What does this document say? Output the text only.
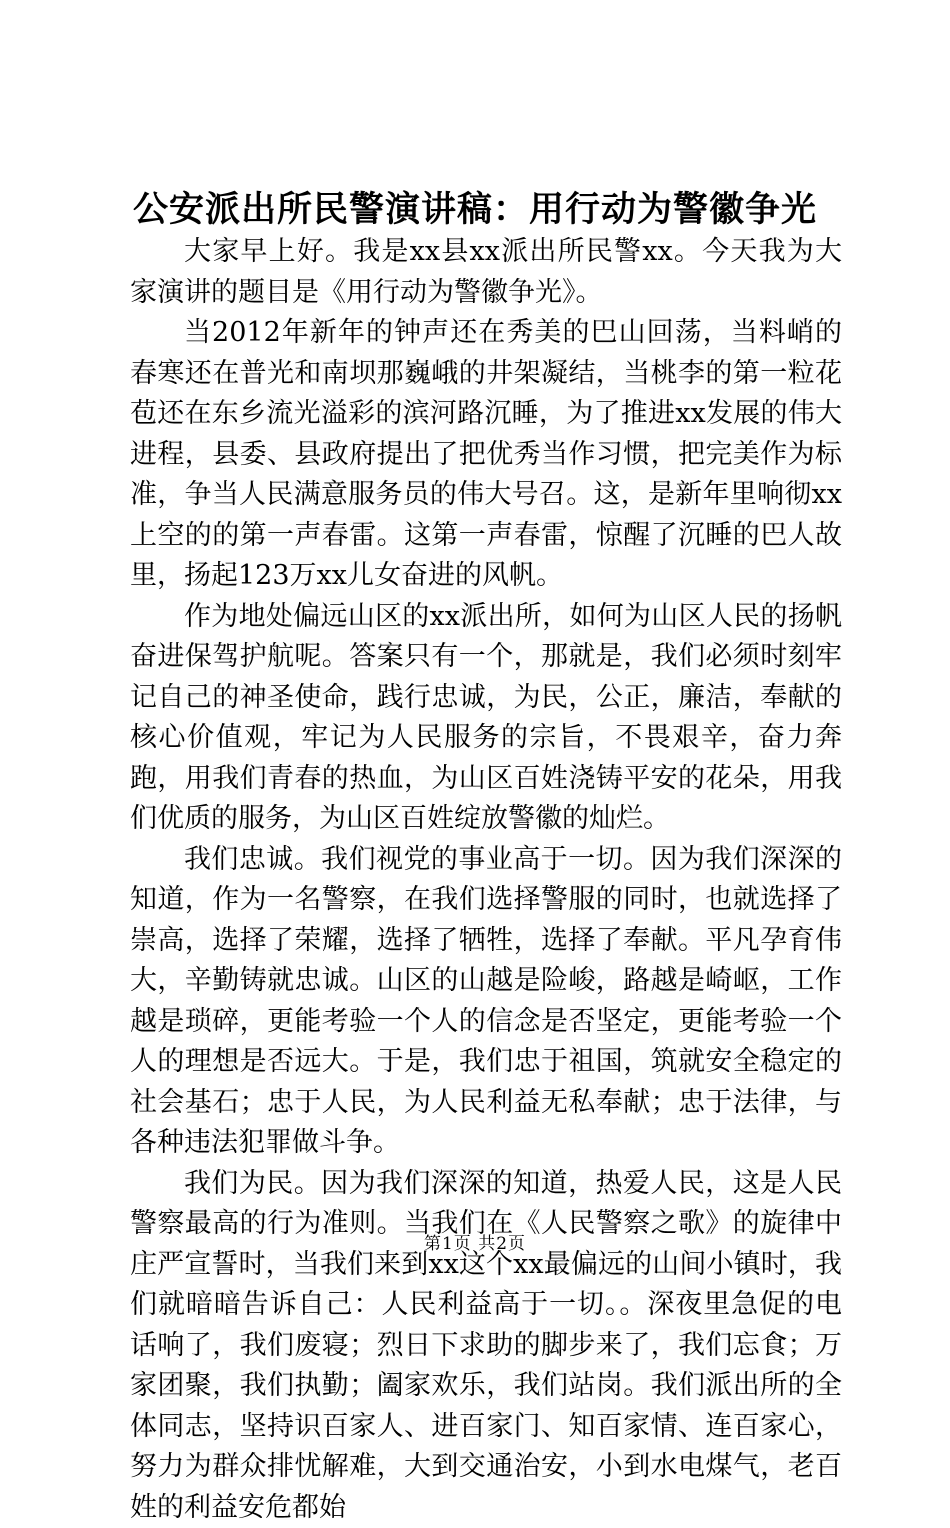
公安派出所民警演讲稿：用行动为警徽争光

大家早上好。我是xx县xx派出所民警xx。今天我为大家演讲的题目是《用行动为警徽争光》。

当2012年新年的钟声还在秀美的巴山回荡，当料峭的春寒还在普光和南坝那巍峨的井架凝结，当桃李的第一粒花苞还在东乡流光溢彩的滨河路沉睡，为了推进xx发展的伟大进程，县委、县政府提出了把优秀当作习惯，把完美作为标准，争当人民满意服务员的伟大号召。这，是新年里响彻xx上空的的第一声春雷。这第一声春雷，惊醒了沉睡的巴人故里，扬起123万xx儿女奋进的风帆。

作为地处偏远山区的xx派出所，如何为山区人民的扬帆奋进保驾护航呢。答案只有一个，那就是，我们必须时刻牢记自己的神圣使命，践行忠诚，为民，公正，廉洁，奉献的核心价值观，牢记为人民服务的宗旨，不畏艰辛，奋力奔跑，用我们青春的热血，为山区百姓浇铸平安的花朵，用我们优质的服务，为山区百姓绽放警徽的灿烂。

我们忠诚。我们视党的事业高于一切。因为我们深深的知道，作为一名警察，在我们选择警服的同时，也就选择了崇高，选择了荣耀，选择了牺牲，选择了奉献。平凡孕育伟大，辛勤铸就忠诚。山区的山越是险峻，路越是崎岖，工作越是琐碎，更能考验一个人的信念是否坚定，更能考验一个人的理想是否远大。于是，我们忠于祖国，筑就安全稳定的社会基石；忠于人民，为人民利益无私奉献；忠于法律，与各种违法犯罪做斗争。

我们为民。因为我们深深的知道，热爱人民，这是人民警察最高的行为准则。当我们在《人民警察之歌》的旋律中庄严宣誓时，当我们来到xx这个xx最偏远的山间小镇时，我们就暗暗告诉自己：人民利益高于一切。。深夜里急促的电话响了，我们废寝；烈日下求助的脚步来了，我们忘食；万家团聚，我们执勤；阖家欢乐，我们站岗。我们派出所的全体同志，坚持识百家人、进百家门、知百家情、连百家心，努力为群众排忧解难，大到交通治安，小到水电煤气，老百姓的利益安危都始

第1页 共2页
